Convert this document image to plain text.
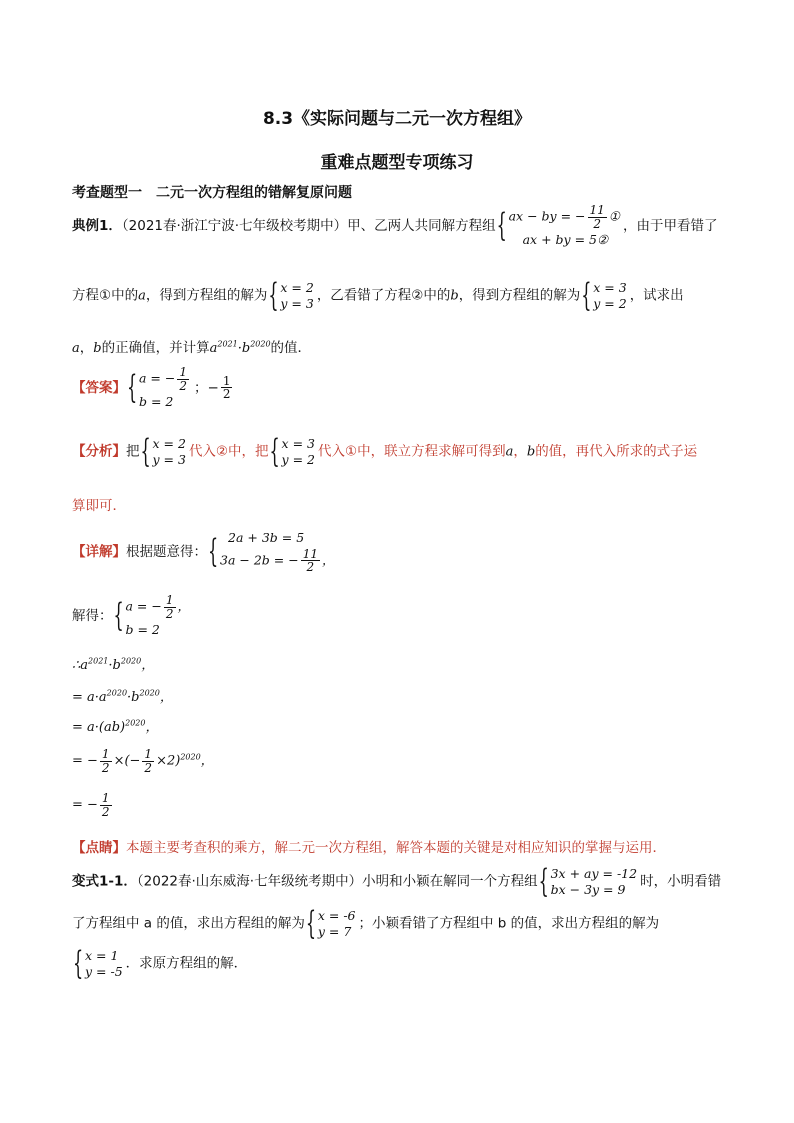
8.3《实际问题与二元一次方程组》
重难点题型专项练习
考查题型一　二元一次方程组的错解复原问题
典例1．（2021春·浙江宁波·七年级校考期中）甲、乙两人共同解方程组
{ ax − by = − $\frac{11}{2}$ ①
ax + by = 5②
，由于甲看错了
方程①中的a，得到方程组的解为
{ x = 2
y = 3 ，乙看错了方程②中的b，得到方程组的解为
{ x = 3
y = 2 ，试求出
a，b的正确值，并计算$a^{2021}\cdot b^{2020}$的值．
【答案】
{ a = − $\frac{1}{2}$
b = 2
；− $\frac{1}{2}$
【分析】把
{ x = 2
y = 3 代入②中，把
{ x = 3
y = 2 代入①中，联立方程求解可得到a，b的值，再代入所求的式子运
算即可．
【详解】根据题意得：
{ 2a + 3b = 5
3a − 2b = − $\frac{11}{2}$ ，
解得：
{ a = − $\frac{1}{2}$ ，
b = 2
$\therefore a^{2021}\cdot b^{2020}$，
= $a\cdot a^{2020}\cdot b^{2020}$，
= a·(ab)$^{2020}$，
= − $\frac{1}{2}$ ×(− $\frac{1}{2} \times 2)^{2020}$，
= − $\frac{1}{2}$
【点睛】本题主要考查积的乘方，解二元一次方程组，解答本题的关键是对相应知识的掌握与运用．
变式1-1．（2022春·山东威海·七年级统考期中）小明和小颖在解同一个方程组
{ 3x + ay = -12
bx − 3y = 9	时，小明看错
了方程组中 a 的值，求出方程组的解为
{ x = -6
y = 7 ；小颖看错了方程组中 b 的值，求出方程组的解为
{ x = 1
y = -5 ．求原方程组的解．
